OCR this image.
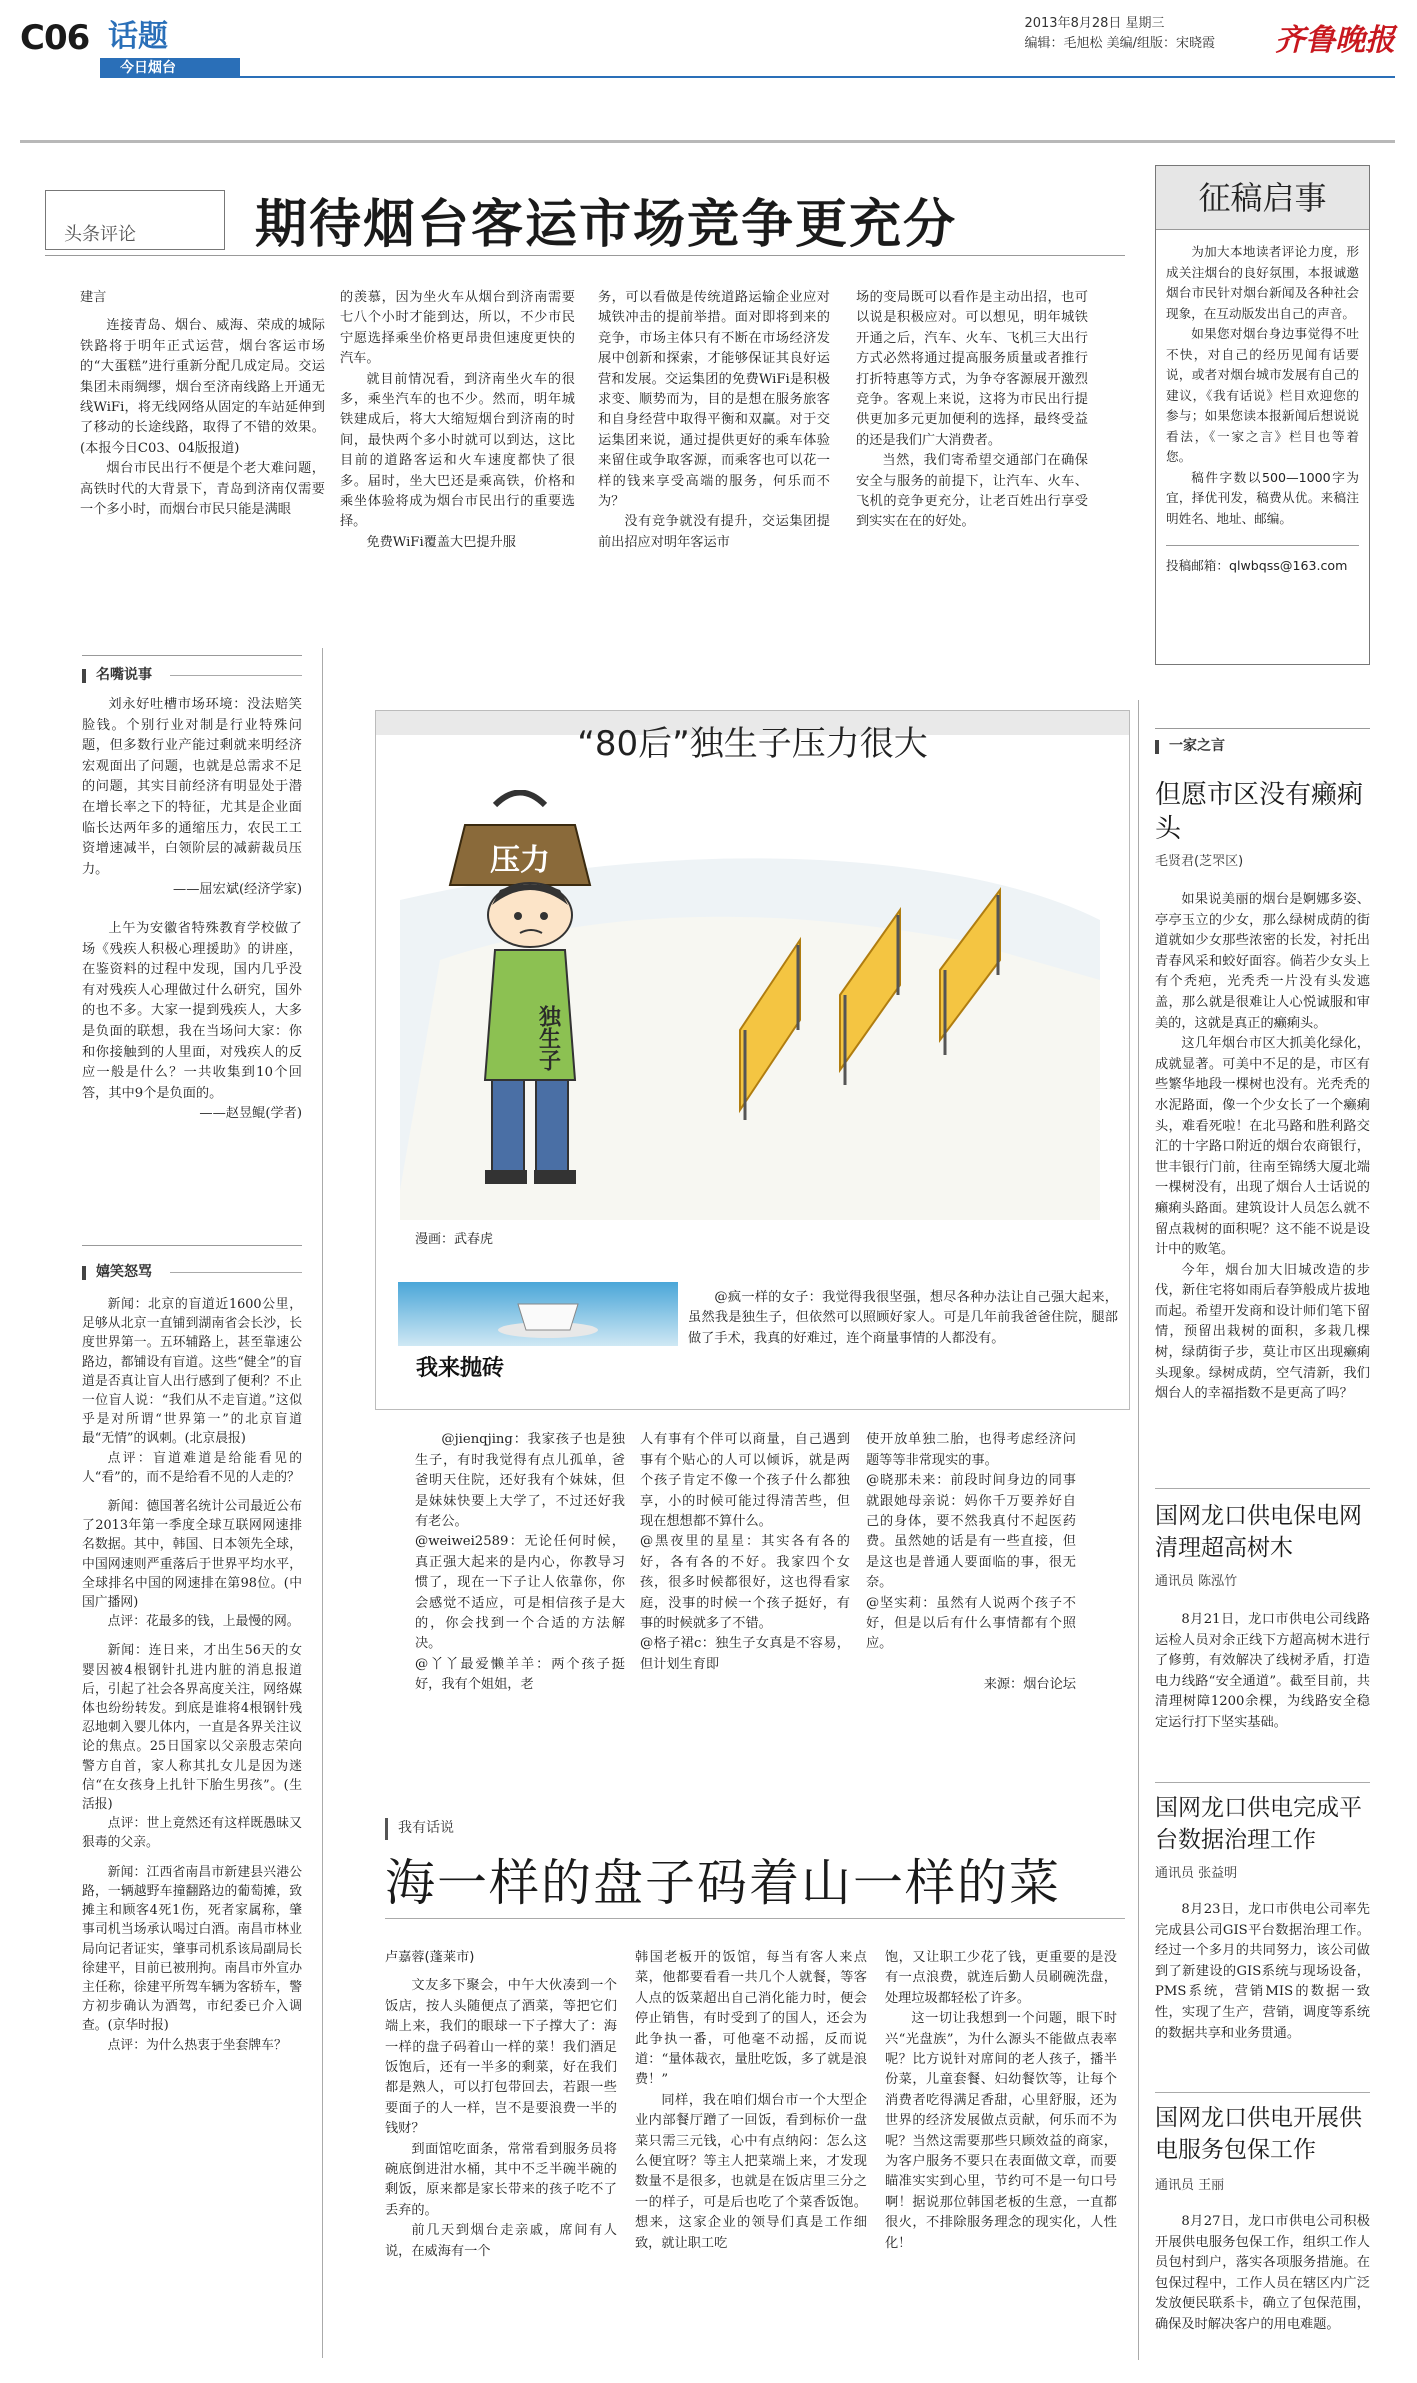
C06 话题
今日烟台
2013年8月28日 星期三
编辑：毛旭松 美编/组版：宋晓霞 齐鲁晚报
头条评论 期待烟台客运市场竞争更充分

建言

连接青岛、烟台、威海、荣成的城际铁路将于明年正式运营，烟台客运市场的“大蛋糕”进行重新分配几成定局。交运集团未雨绸缪，烟台至济南线路上开通无线WiFi，将无线网络从固定的车站延伸到了移动的长途线路，取得了不错的效果。(本报今日C03、04版报道)

烟台市民出行不便是个老大难问题，高铁时代的大背景下，青岛到济南仅需要一个多小时，而烟台市民只能是满眼

的羡慕，因为坐火车从烟台到济南需要七八个小时才能到达，所以，不少市民宁愿选择乘坐价格更昂贵但速度更快的汽车。

就目前情况看，到济南坐火车的很多，乘坐汽车的也不少。然而，明年城铁建成后，将大大缩短烟台到济南的时间，最快两个多小时就可以到达，这比目前的道路客运和火车速度都快了很多。届时，坐大巴还是乘高铁，价格和乘坐体验将成为烟台市民出行的重要选择。

免费WiFi覆盖大巴提升服

务，可以看做是传统道路运输企业应对城铁冲击的提前举措。面对即将到来的竞争，市场主体只有不断在市场经济发展中创新和探索，才能够保证其良好运营和发展。交运集团的免费WiFi是积极求变、顺势而为，目的是想在服务旅客和自身经营中取得平衡和双赢。对于交运集团来说，通过提供更好的乘车体验来留住或争取客源，而乘客也可以花一样的钱来享受高端的服务，何乐而不为？

没有竞争就没有提升，交运集团提前出招应对明年客运市

场的变局既可以看作是主动出招，也可以说是积极应对。可以想见，明年城铁开通之后，汽车、火车、飞机三大出行方式必然将通过提高服务质量或者推行打折特惠等方式，为争夺客源展开激烈竞争。客观上来说，这将为市民出行提供更加多元更加便利的选择，最终受益的还是我们广大消费者。

当然，我们寄希望交通部门在确保安全与服务的前提下，让汽车、火车、飞机的竞争更充分，让老百姓出行享受到实实在在的好处。

征稿启事

为加大本地读者评论力度，形成关注烟台的良好氛围，本报诚邀烟台市民针对烟台新闻及各种社会现象，在互动版发出自己的声音。

如果您对烟台身边事觉得不吐不快，对自己的经历见闻有话要说，或者对烟台城市发展有自己的建议，《我有话说》栏目欢迎您的参与；如果您读本报新闻后想说说看法，《一家之言》栏目也等着您。

稿件字数以500—1000字为宜，择优刊发，稿费从优。来稿注明姓名、地址、邮编。

投稿邮箱：qlwbqss@163.com

名嘴说事

刘永好吐槽市场环境：没法赔笑脸钱。个别行业对制是行业特殊问题，但多数行业产能过剩就来明经济宏观面出了问题，也就是总需求不足的问题，其实目前经济有明显处于潜在增长率之下的特征，尤其是企业面临长达两年多的通缩压力，农民工工资增速减半，白领阶层的减薪裁员压力。

——屈宏斌(经济学家)

上午为安徽省特殊教育学校做了场《残疾人积极心理援助》的讲座，在鉴资料的过程中发现，国内几乎没有对残疾人心理做过什么研究，国外的也不多。大家一提到残疾人，大多是负面的联想，我在当场问大家：你和你接触到的人里面，对残疾人的反应一般是什么？一共收集到10个回答，其中9个是负面的。

——赵昱鲲(学者)

嬉笑怒骂

新闻：北京的盲道近1600公里，足够从北京一直铺到湖南省会长沙，长度世界第一。五环辅路上，甚至靠速公路边，都铺设有盲道。这些“健全”的盲道是否真让盲人出行感到了便利？不止一位盲人说：“我们从不走盲道。”这似乎是对所谓“世界第一”的北京盲道最“无情”的讽刺。(北京晨报)

点评：盲道难道是给能看见的人“看”的，而不是给看不见的人走的？

新闻：德国著名统计公司最近公布了2013年第一季度全球互联网网速排名数据。其中，韩国、日本领先全球，中国网速则严重落后于世界平均水平，全球排名中国的网速排在第98位。(中国广播网)

点评：花最多的钱，上最慢的网。

新闻：连日来，才出生56天的女婴因被4根钢针扎进内脏的消息报道后，引起了社会各界高度关注，网络媒体也纷纷转发。到底是谁将4根钢针残忍地刺入婴儿体内，一直是各界关注议论的焦点。25日国家以父亲殷志荣向警方自首，家人称其扎女儿是因为迷信“在女孩身上扎针下胎生男孩”。(生活报)

点评：世上竟然还有这样既愚昧又狠毒的父亲。

新闻：江西省南昌市新建县兴港公路，一辆越野车撞翻路边的葡萄摊，致摊主和顾客4死1伤，死者家属称，肇事司机当场承认喝过白酒。南昌市林业局向记者证实，肇事司机系该局副局长徐建平，目前已被刑拘。南昌市外宣办主任称，徐建平所驾车辆为客轿车，警方初步确认为酒驾，市纪委已介入调查。(京华时报)

点评：为什么热衷于坐套牌车？

“80后”独生子压力很大
压力
独生子
漫画：武春虎
我来抛砖

@疯一样的女子：我觉得我很坚强，想尽各种办法让自己强大起来，虽然我是独生子，但依然可以照顾好家人。可是几年前我爸爸住院，腿部做了手术，我真的好难过，连个商量事情的人都没有。

@jienqjing：我家孩子也是独生子，有时我觉得有点儿孤单，爸爸明天住院，还好我有个妹妹，但是妹妹快要上大学了，不过还好我有老公。
@weiwei2589：无论任何时候，真正强大起来的是内心，你教导习惯了，现在一下子让人依靠你，你会感觉不适应，可是相信孩子是大的，你会找到一个合适的方法解决。
@丫丫最爱懒羊羊：两个孩子挺好，我有个姐姐，老

人有事有个伴可以商量，自己遇到事有个贴心的人可以倾诉，就是两个孩子肯定不像一个孩子什么都独享，小的时候可能过得清苦些，但现在想想都不算什么。
@黑夜里的星星：其实各有各的好，各有各的不好。我家四个女孩，很多时候都很好，这也得看家庭，没事的时候一个孩子挺好，有事的时候就多了不错。
@格子裙c：独生子女真是不容易，但计划生育即

使开放单独二胎，也得考虑经济问题等等非常现实的事。
@晓那未来：前段时间身边的同事就跟她母亲说：妈你千万要养好自己的身体，要不然我真付不起医药费。虽然她的话是有一些直接，但是这也是普通人要面临的事，很无奈。
@坚实莉：虽然有人说两个孩子不好，但是以后有什么事情都有个照应。

来源：烟台论坛

我有话说
海一样的盘子码着山一样的菜

卢嘉蓉(蓬莱市)

文友多下聚会，中午大伙凑到一个饭店，按人头随便点了酒菜，等把它们端上来，我们的眼球一下子撑大了：海一样的盘子码着山一样的菜！我们酒足饭饱后，还有一半多的剩菜，好在我们都是熟人，可以打包带回去，若跟一些要面子的人一样，岂不是要浪费一半的钱财？

到面馆吃面条，常常看到服务员将碗底倒进泔水桶，其中不乏半碗半碗的剩饭，原来都是家长带来的孩子吃不了丢弃的。

前几天到烟台走亲戚，席间有人说，在威海有一个

韩国老板开的饭馆，每当有客人来点菜，他都要看看一共几个人就餐，等客人点的饭菜超出自己消化能力时，便会停止销售，有时受到了的国人，还会为此争执一番，可他毫不动摇，反而说道：“量体裁衣，量肚吃饭，多了就是浪费！”

同样，我在咱们烟台市一个大型企业内部餐厅蹭了一回饭，看到标价一盘菜只需三元钱，心中有点纳闷：怎么这么便宜呀？等主人把菜端上来，才发现数量不是很多，也就是在饭店里三分之一的样子，可是后也吃了个菜香饭饱。想来，这家企业的领导们真是工作细致，就让职工吃

饱，又让职工少花了钱，更重要的是没有一点浪费，就连后勤人员刷碗洗盘，处理垃圾都轻松了许多。

这一切让我想到一个问题，眼下时兴“光盘族”，为什么源头不能做点表率呢？比方说针对席间的老人孩子，播半份菜，儿童套餐、妇幼餐饮等，让每个消费者吃得满足香甜，心里舒服，还为世界的经济发展做点贡献，何乐而不为呢？当然这需要那些只顾效益的商家，为客户服务不要只在表面做文章，而要瞄准实实到心里，节约可不是一句口号啊！据说那位韩国老板的生意，一直都很火，不排除服务理念的现实化，人性化！

一家之言
但愿市区没有癞痢头
毛贤君(芝罘区)

如果说美丽的烟台是婀娜多姿、亭亭玉立的少女，那么绿树成荫的街道就如少女那些浓密的长发，衬托出青春风采和蛟好面容。倘若少女头上有个秃疤，光秃秃一片没有头发遮盖，那么就是很难让人心悦诚服和审美的，这就是真正的癞痢头。

这几年烟台市区大抓美化绿化，成就显著。可美中不足的是，市区有些繁华地段一棵树也没有。光秃秃的水泥路面，像一个少女长了一个癞痢头，难看死啦！在北马路和胜利路交汇的十字路口附近的烟台农商银行，世丰银行门前，往南至锦绣大厦北端一棵树没有，出现了烟台人士话说的癞痢头路面。建筑设计人员怎么就不留点栽树的面积呢？这不能不说是设计中的败笔。

今年，烟台加大旧城改造的步伐，新住宅将如雨后春笋般成片拔地而起。希望开发商和设计师们笔下留情，预留出栽树的面积，多栽几棵树，绿荫街子步，莫让市区出现癞痢头现象。绿树成荫，空气清新，我们烟台人的幸福指数不是更高了吗？

国网龙口供电保电网清理超高树木
通讯员 陈泓竹

8月21日，龙口市供电公司线路运检人员对余正线下方超高树木进行了修剪，有效解决了线树矛盾，打造电力线路“安全通道”。截至目前，共清理树障1200余棵，为线路安全稳定运行打下坚实基础。

国网龙口供电完成平台数据治理工作
通讯员 张益明

8月23日，龙口市供电公司率先完成县公司GIS平台数据治理工作。经过一个多月的共同努力，该公司做到了新建设的GIS系统与现场设备，PMS系统，营销MIS的数据一致性，实现了生产，营销，调度等系统的数据共享和业务贯通。

国网龙口供电开展供电服务包保工作
通讯员 王丽

8月27日，龙口市供电公司积极开展供电服务包保工作，组织工作人员包村到户，落实各项服务措施。在包保过程中，工作人员在辖区内广泛发放便民联系卡，确立了包保范围，确保及时解决客户的用电难题。
